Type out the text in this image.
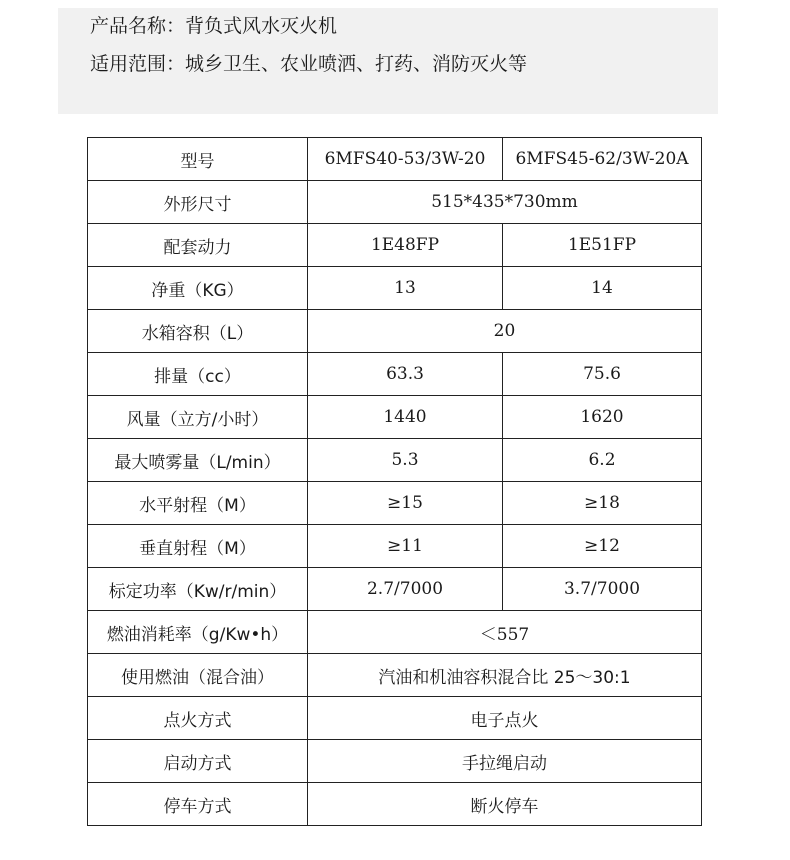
产品名称：背负式风水灭火机
适用范围：城乡卫生、农业喷洒、打药、消防灭火等
型号	6MFS40-53/3W-20	6MFS45-62/3W-20A
外形尺寸	515*435*730mm	
配套动力	1E48FP	1E51FP
净重（KG）	13	14
水箱容积（L）	20	
排量（cc）	63.3	75.6
风量（立方/小时）	1440	1620
最大喷雾量（L/min）	5.3	6.2
水平射程（M）	≥15	≥18
垂直射程（M）	≥11	≥12
标定功率（Kw/r/min）	2.7/7000	3.7/7000
燃油消耗率（g/Kw•h）	＜557	
使用燃油（混合油）	汽油和机油容积混合比 25～30:1	
点火方式	电子点火	
启动方式	手拉绳启动	
停车方式	断火停车	
